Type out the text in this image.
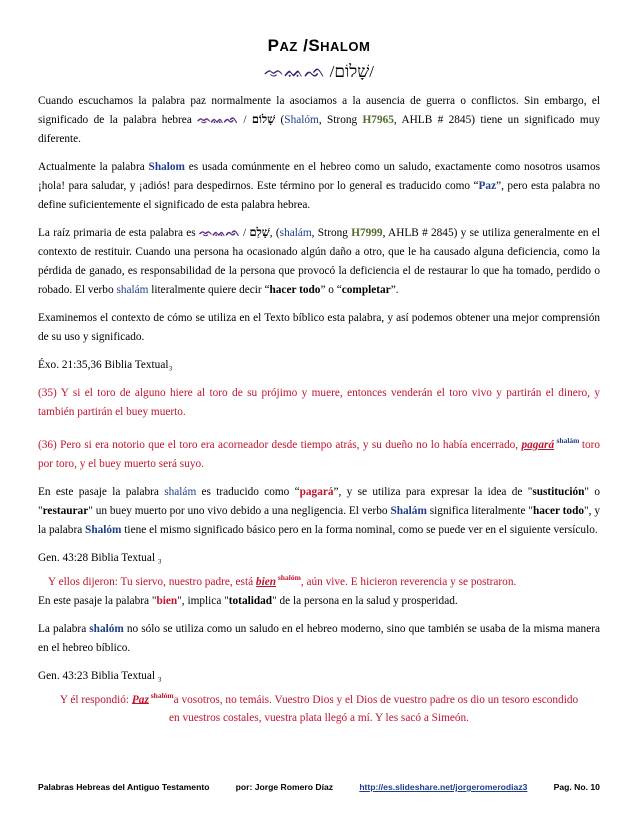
PAZ /SHALOM
ᨎᨐᨒ /שָׁלוֹם/

Cuando escuchamos la palabra paz normalmente la asociamos a la ausencia de guerra o conflictos. Sin embargo, el significado de la palabra hebrea ᨎᨐᨒ / שָׁלוֹם (Shalóm, Strong H7965, AHLB # 2845) tiene un significado muy diferente.

Actualmente la palabra Shalom es usada comúnmente en el hebreo como un saludo, exactamente como nosotros usamos ¡hola! para saludar, y ¡adiós! para despedirnos. Este término por lo general es traducido como “Paz”, pero esta palabra no define suficientemente el significado de esta palabra hebrea.

La raíz primaria de esta palabra es ᨎᨐᨒ / שָׁלַם, (shalám, Strong H7999, AHLB # 2845) y se utiliza generalmente en el contexto de restituir. Cuando una persona ha ocasionado algún daño a otro, que le ha causado alguna deficiencia, como la pérdida de ganado, es responsabilidad de la persona que provocó la deficiencia el de restaurar lo que ha tomado, perdido o robado. El verbo shalám literalmente quiere decir “hacer todo” o “completar”.

Examinemos el contexto de cómo se utiliza en el Texto bíblico esta palabra, y así podemos obtener una mejor comprensión de su uso y significado.

Éxo. 21:35,36 Biblia Textual₃

(35) Y si el toro de alguno hiere al toro de su prójimo y muere, entonces venderán el toro vivo y partirán el dinero, y también partirán el buey muerto.

(36) Pero si era notorio que el toro era acorneador desde tiempo atrás, y su dueño no lo había encerrado, pagará $^{shalám}$ toro por toro, y el buey muerto será suyo.

En este pasaje la palabra shalám es traducido como “pagará”, y se utiliza para expresar la idea de "sustitución" o "restaurar" un buey muerto por uno vivo debido a una negligencia. El verbo Shalám significa literalmente "hacer todo", y la palabra Shalóm tiene el mismo significado básico pero en la forma nominal, como se puede ver en el siguiente versículo.

Gen. 43:28 Biblia Textual ₃

Y ellos dijeron: Tu siervo, nuestro padre, está bien $^{shalóm}$, aún vive. E hicieron reverencia y se postraron.

En este pasaje la palabra "bien", implica "totalidad" de la persona en la salud y prosperidad.

La palabra shalóm no sólo se utiliza como un saludo en el hebreo moderno, sino que también se usaba de la misma manera en el hebreo bíblico.

Gen. 43:23 Biblia Textual ₃

Y él respondió: Paz $^{shalóm}$a vosotros, no temáis. Vuestro Dios y el Dios de vuestro padre os dio un tesoro escondido en vuestros costales, vuestra plata llegó a mí. Y les sacó a Simeón.

Palabras Hebreas del Antiguo Testamento	por: Jorge Romero Díaz	http://es.slideshare.net/jorgeromerodiaz3	Pag. No. 10
